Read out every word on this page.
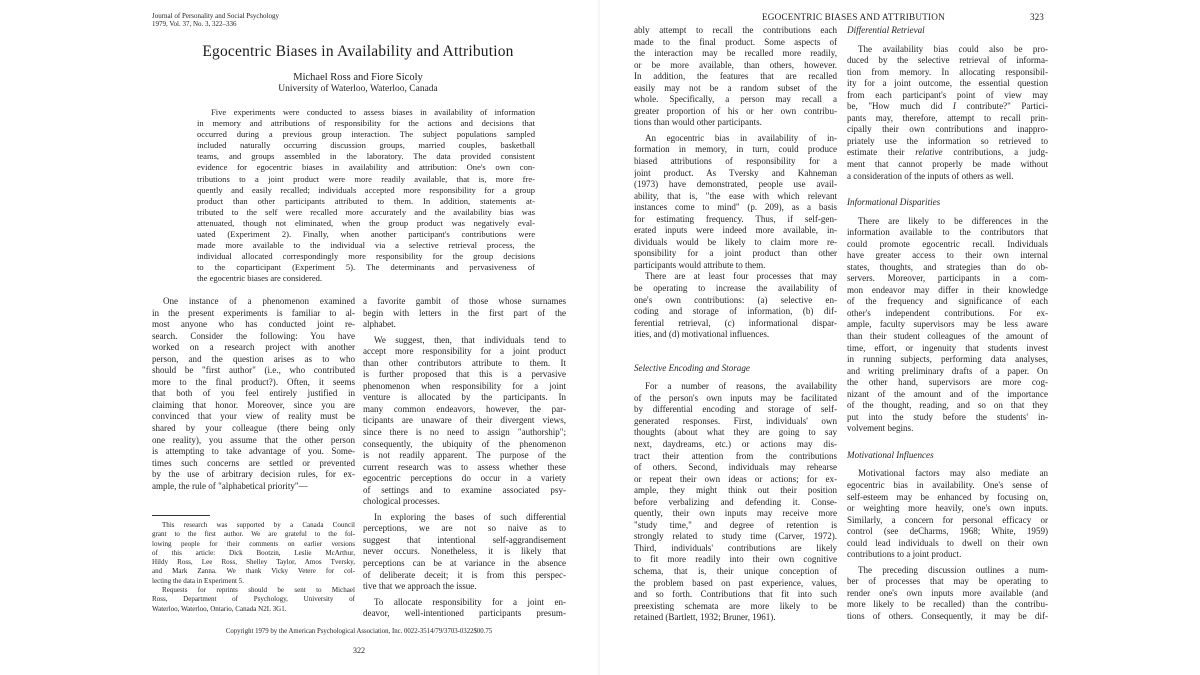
Journal of Personality and Social Psychology
1979, Vol. 37, No. 3, 322–336
Egocentric Biases in Availability and Attribution
Michael Ross and Fiore Sicoly
University of Waterloo, Waterloo, Canada
Five experiments were conducted to assess biases in availability of information
in memory and attributions of responsibility for the actions and decisions that
occurred during a previous group interaction. The subject populations sampled
included naturally occurring discussion groups, married couples, basketball
teams, and groups assembled in the laboratory. The data provided consistent
evidence for egocentric biases in availability and attribution: One's own con-
tributions to a joint product were more readily available, that is, more fre-
quently and easily recalled; individuals accepted more responsibility for a group
product than other participants attributed to them. In addition, statements at-
tributed to the self were recalled more accurately and the availability bias was
attenuated, though not eliminated, when the group product was negatively eval-
uated (Experiment 2). Finally, when another participant's contributions were
made more available to the individual via a selective retrieval process, the
individual allocated correspondingly more responsibility for the group decisions
to the coparticipant (Experiment 5). The determinants and pervasiveness of
the egocentric biases are considered.
One instance of a phenomenon examined
in the present experiments is familiar to al-
most anyone who has conducted joint re-
search. Consider the following: You have
worked on a research project with another
person, and the question arises as to who
should be "first author" (i.e., who contributed
more to the final product?). Often, it seems
that both of you feel entirely justified in
claiming that honor. Moreover, since you are
convinced that your view of reality must be
shared by your colleague (there being only
one reality), you assume that the other person
is attempting to take advantage of you. Some-
times such concerns are settled or prevented
by the use of arbitrary decision rules, for ex-
ample, the rule of "alphabetical priority"—
This research was supported by a Canada Council
grant to the first author. We are grateful to the fol-
lowing people for their comments on earlier versions
of this article: Dick Bootzin, Leslie McArthur,
Hildy Ross, Lee Ross, Shelley Taylor, Amos Tversky,
and Mark Zanna. We thank Vicky Vetere for col-
lecting the data in Experiment 5.
Requests for reprints should be sent to Michael
Ross, Department of Psychology, University of
Waterloo, Waterloo, Ontario, Canada N2L 3G1.
a favorite gambit of those whose surnames
begin with letters in the first part of the
alphabet.
We suggest, then, that individuals tend to
accept more responsibility for a joint product
than other contributors attribute to them. It
is further proposed that this is a pervasive
phenomenon when responsibility for a joint
venture is allocated by the participants. In
many common endeavors, however, the par-
ticipants are unaware of their divergent views,
since there is no need to assign "authorship";
consequently, the ubiquity of the phenomenon
is not readily apparent. The purpose of the
current research was to assess whether these
egocentric perceptions do occur in a variety
of settings and to examine associated psy-
chological processes.
In exploring the bases of such differential
perceptions, we are not so naive as to
suggest that intentional self-aggrandisement
never occurs. Nonetheless, it is likely that
perceptions can be at variance in the absence
of deliberate deceit; it is from this perspec-
tive that we approach the issue.
To allocate responsibility for a joint en-
deavor, well-intentioned participants presum-
Copyright 1979 by the American Psychological Association, Inc. 0022-3514/79/3703-0322$00.75
322
EGOCENTRIC BIASES AND ATTRIBUTION	323
ably attempt to recall the contributions each
made to the final product. Some aspects of
the interaction may be recalled more readily,
or be more available, than others, however.
In addition, the features that are recalled
easily may not be a random subset of the
whole. Specifically, a person may recall a
greater proportion of his or her own contribu-
tions than would other participants.
An egocentric bias in availability of in-
formation in memory, in turn, could produce
biased attributions of responsibility for a
joint product. As Tversky and Kahneman
(1973) have demonstrated, people use avail-
ability, that is, "the ease with which relevant
instances come to mind" (p. 209), as a basis
for estimating frequency. Thus, if self-gen-
erated inputs were indeed more available, in-
dividuals would be likely to claim more re-
sponsibility for a joint product than other
participants would attribute to them.
There are at least four processes that may
be operating to increase the availability of
one's own contributions: (a) selective en-
coding and storage of information, (b) dif-
ferential retrieval, (c) informational dispar-
ities, and (d) motivational influences.
Selective Encoding and Storage
For a number of reasons, the availability
of the person's own inputs may be facilitated
by differential encoding and storage of self-
generated responses. First, individuals' own
thoughts (about what they are going to say
next, daydreams, etc.) or actions may dis-
tract their attention from the contributions
of others. Second, individuals may rehearse
or repeat their own ideas or actions; for ex-
ample, they might think out their position
before verbalizing and defending it. Conse-
quently, their own inputs may receive more
"study time," and degree of retention is
strongly related to study time (Carver, 1972).
Third, individuals' contributions are likely
to fit more readily into their own cognitive
schema, that is, their unique conception of
the problem based on past experience, values,
and so forth. Contributions that fit into such
preexisting schemata are more likely to be
retained (Bartlett, 1932; Bruner, 1961).
Differential Retrieval
The availability bias could also be pro-
duced by the selective retrieval of informa-
tion from memory. In allocating responsibil-
ity for a joint outcome, the essential question
from each participant's point of view may
be, "How much did I contribute?" Partici-
pants may, therefore, attempt to recall prin-
cipally their own contributions and inappro-
priately use the information so retrieved to
estimate their relative contributions, a judg-
ment that cannot properly be made without
a consideration of the inputs of others as well.
Informational Disparities
There are likely to be differences in the
information available to the contributors that
could promote egocentric recall. Individuals
have greater access to their own internal
states, thoughts, and strategies than do ob-
servers. Moreover, participants in a com-
mon endeavor may differ in their knowledge
of the frequency and significance of each
other's independent contributions. For ex-
ample, faculty supervisors may be less aware
than their student colleagues of the amount of
time, effort, or ingenuity that students invest
in running subjects, performing data analyses,
and writing preliminary drafts of a paper. On
the other hand, supervisors are more cog-
nizant of the amount and of the importance
of the thought, reading, and so on that they
put into the study before the students' in-
volvement begins.
Motivational Influences
Motivational factors may also mediate an
egocentric bias in availability. One's sense of
self-esteem may be enhanced by focusing on,
or weighting more heavily, one's own inputs.
Similarly, a concern for personal efficacy or
control (see deCharms, 1968; White, 1959)
could lead individuals to dwell on their own
contributions to a joint product.
The preceding discussion outlines a num-
ber of processes that may be operating to
render one's own inputs more available (and
more likely to be recalled) than the contribu-
tions of others. Consequently, it may be dif-
